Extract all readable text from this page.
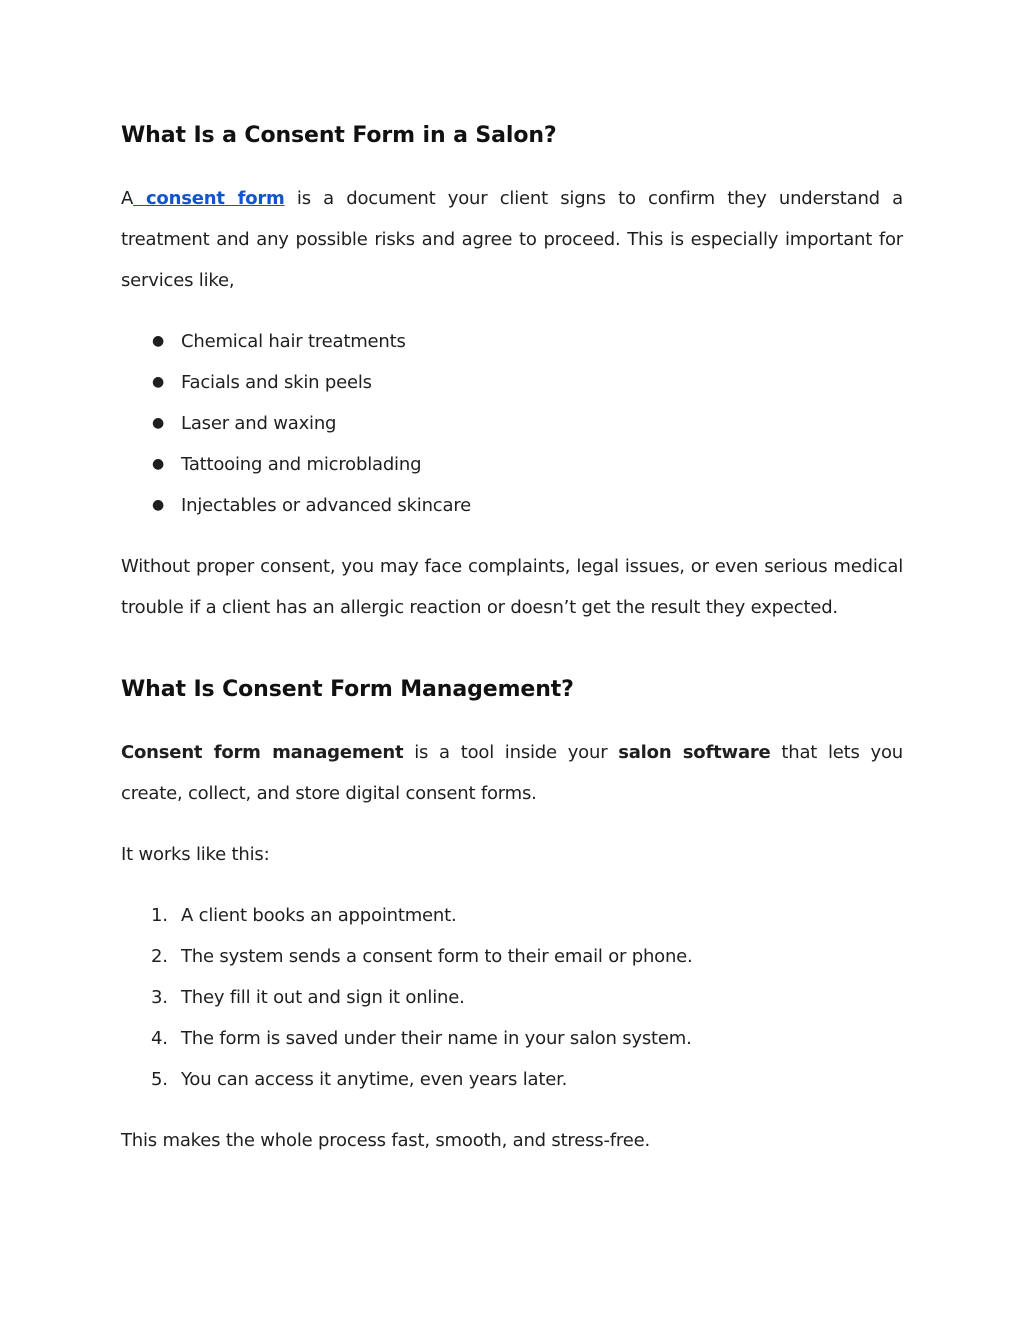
What Is a Consent Form in a Salon?

A consent form is a document your client signs to confirm they understand a treatment and any possible risks and agree to proceed. This is especially important for services like,

● Chemical hair treatments
● Facials and skin peels
● Laser and waxing
● Tattooing and microblading
● Injectables or advanced skincare

Without proper consent, you may face complaints, legal issues, or even serious medical trouble if a client has an allergic reaction or doesn’t get the result they expected.

What Is Consent Form Management?

Consent form management is a tool inside your salon software that lets you create, collect, and store digital consent forms.

It works like this:

1. A client books an appointment.
2. The system sends a consent form to their email or phone.
3. They fill it out and sign it online.
4. The form is saved under their name in your salon system.
5. You can access it anytime, even years later.

This makes the whole process fast, smooth, and stress-free.
